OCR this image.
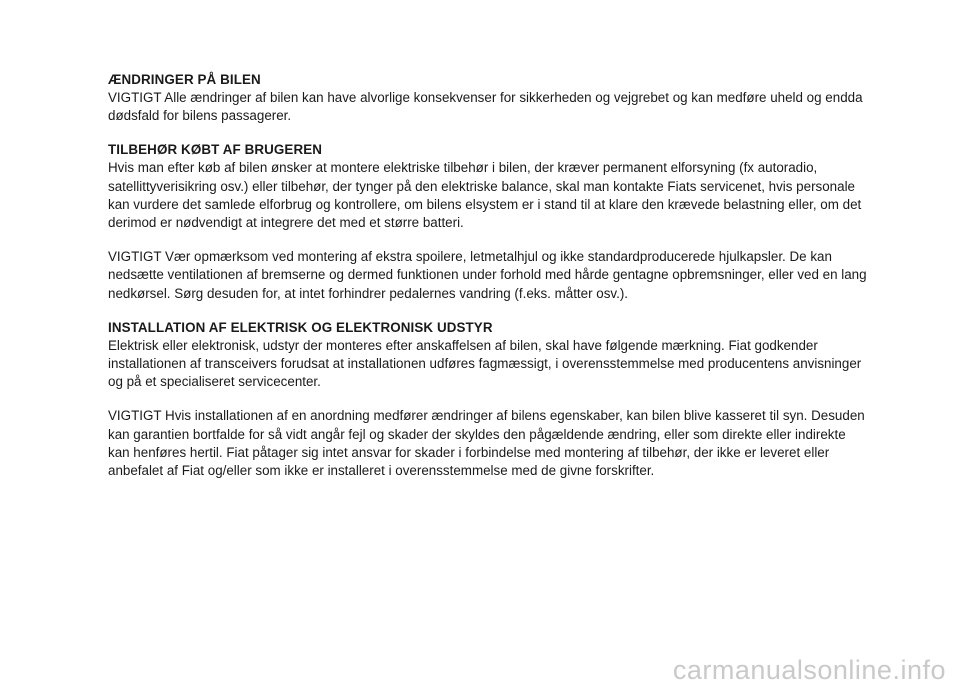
ÆNDRINGER PÅ BILEN

VIGTIGT Alle ændringer af bilen kan have alvorlige konsekvenser for sikkerheden og vejgrebet og kan medføre uheld og endda
dødsfald for bilens passagerer.

TILBEHØR KØBT AF BRUGEREN

Hvis man efter køb af bilen ønsker at montere elektriske tilbehør i bilen, der kræver permanent elforsyning (fx autoradio,
satellittyverisikring osv.) eller tilbehør, der tynger på den elektriske balance, skal man kontakte Fiats servicenet, hvis personale
kan vurdere det samlede elforbrug og kontrollere, om bilens elsystem er i stand til at klare den krævede belastning eller, om det
derimod er nødvendigt at integrere det med et større batteri.

VIGTIGT Vær opmærksom ved montering af ekstra spoilere, letmetalhjul og ikke standardproducerede hjulkapsler. De kan
nedsætte ventilationen af bremserne og dermed funktionen under forhold med hårde gentagne opbremsninger, eller ved en lang
nedkørsel. Sørg desuden for, at intet forhindrer pedalernes vandring (f.eks. måtter osv.).

INSTALLATION AF ELEKTRISK OG ELEKTRONISK UDSTYR

Elektrisk eller elektronisk, udstyr der monteres efter anskaffelsen af bilen, skal have følgende mærkning. Fiat godkender
installationen af transceivers forudsat at installationen udføres fagmæssigt, i overensstemmelse med producentens anvisninger
og på et specialiseret servicecenter.

VIGTIGT Hvis installationen af en anordning medfører ændringer af bilens egenskaber, kan bilen blive kasseret til syn. Desuden
kan garantien bortfalde for så vidt angår fejl og skader der skyldes den pågældende ændring, eller som direkte eller indirekte
kan henføres hertil. Fiat påtager sig intet ansvar for skader i forbindelse med montering af tilbehør, der ikke er leveret eller
anbefalet af Fiat og/eller som ikke er installeret i overensstemmelse med de givne forskrifter.

carmanualsonline.info
